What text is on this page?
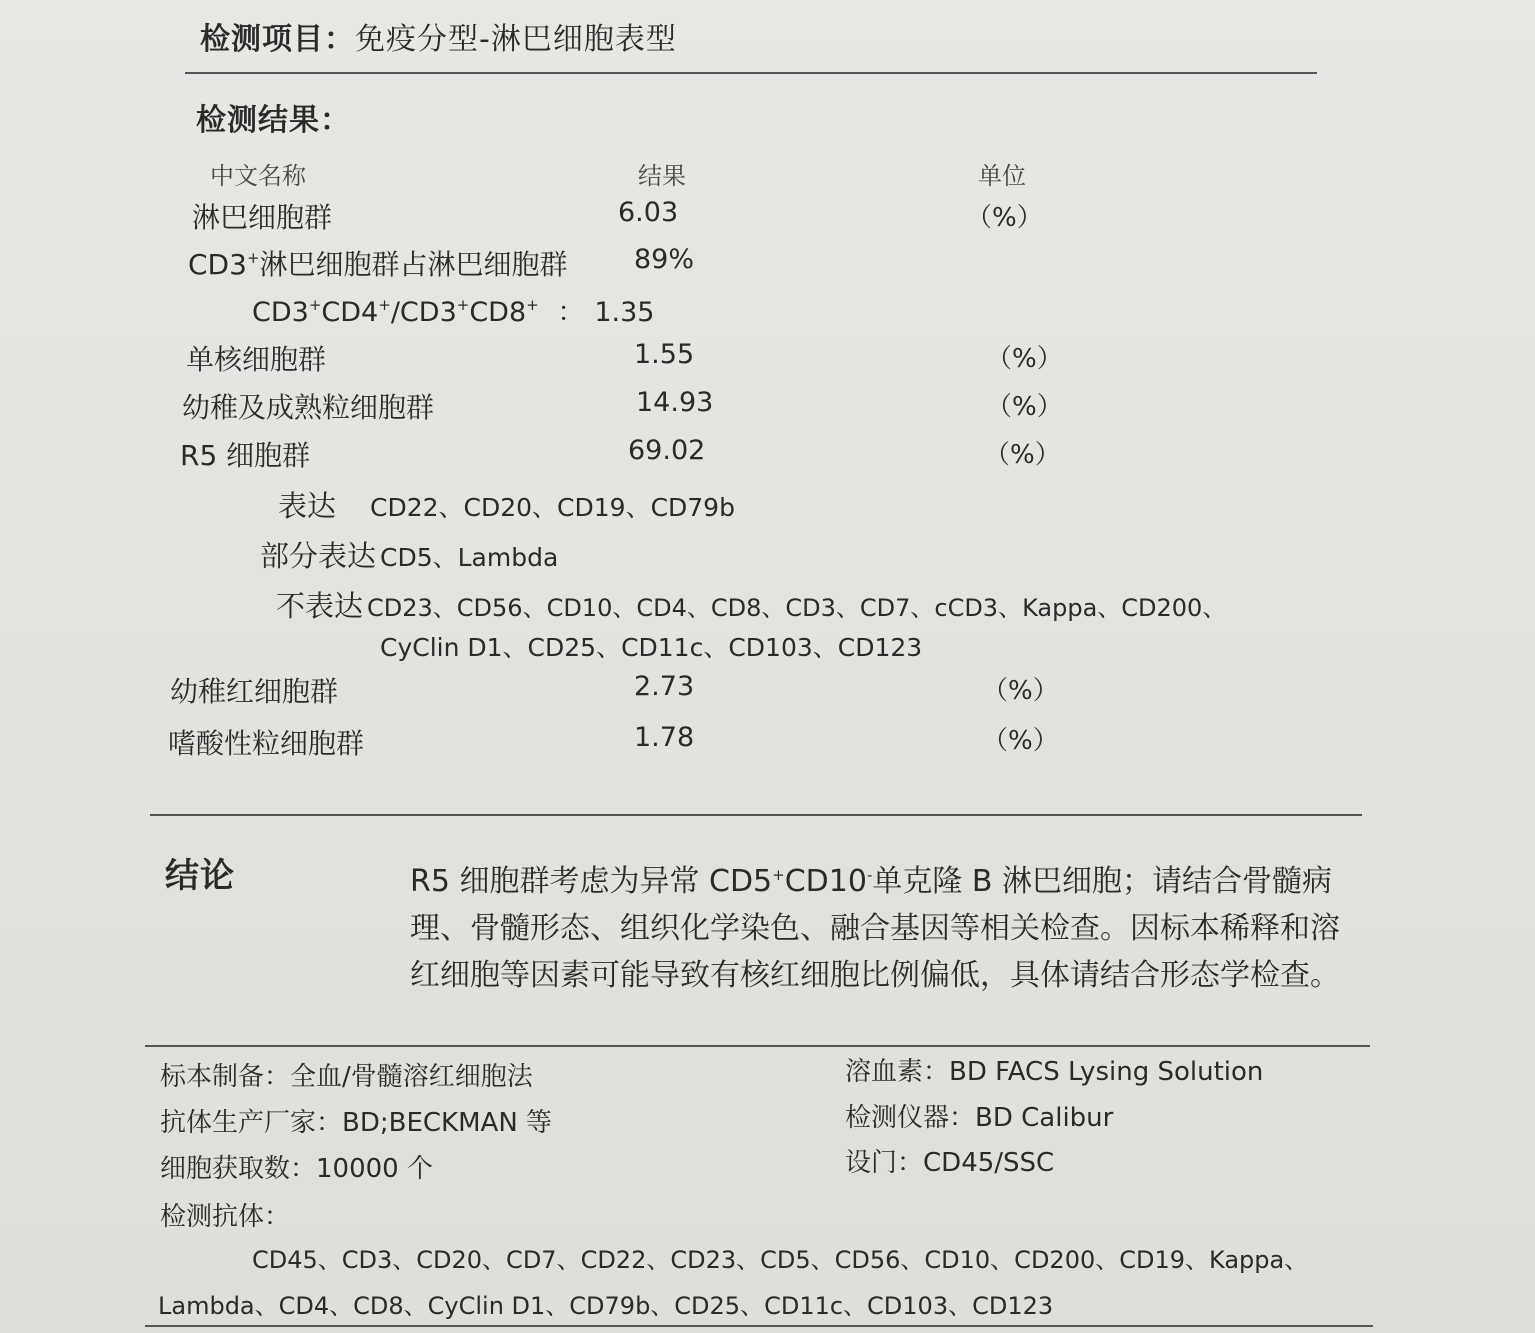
检测项目：免疫分型-淋巴细胞表型
检测结果：
中文名称	结果	单位
淋巴细胞群	6.03	（%）
CD3+淋巴细胞群占淋巴细胞群 89%
CD3+CD4+/CD3+CD8+ ： 1.35
单核细胞群	1.55	（%）
幼稚及成熟粒细胞群	14.93	（%）
R5 细胞群	69.02	（%）
表达 CD22、CD20、CD19、CD79b
部分表达 CD5、Lambda
不表达 CD23、CD56、CD10、CD4、CD8、CD3、CD7、cCD3、Kappa、CD200、
CyClin D1、CD25、CD11c、CD103、CD123
幼稚红细胞群	2.73	（%）
嗜酸性粒细胞群	1.78	（%）
结论	R5 细胞群考虑为异常 CD5+CD10-单克隆 B 淋巴细胞；请结合骨髓病理、骨髓形态、组织化学染色、融合基因等相关检查。因标本稀释和溶红细胞等因素可能导致有核红细胞比例偏低，具体请结合形态学检查。
标本制备：全血/骨髓溶红细胞法	溶血素：BD FACS Lysing Solution
抗体生产厂家：BD;BECKMAN 等	检测仪器：BD Calibur
细胞获取数：10000 个	设门：CD45/SSC
检测抗体：
CD45、CD3、CD20、CD7、CD22、CD23、CD5、CD56、CD10、CD200、CD19、Kappa、
Lambda、CD4、CD8、CyClin D1、CD79b、CD25、CD11c、CD103、CD123
